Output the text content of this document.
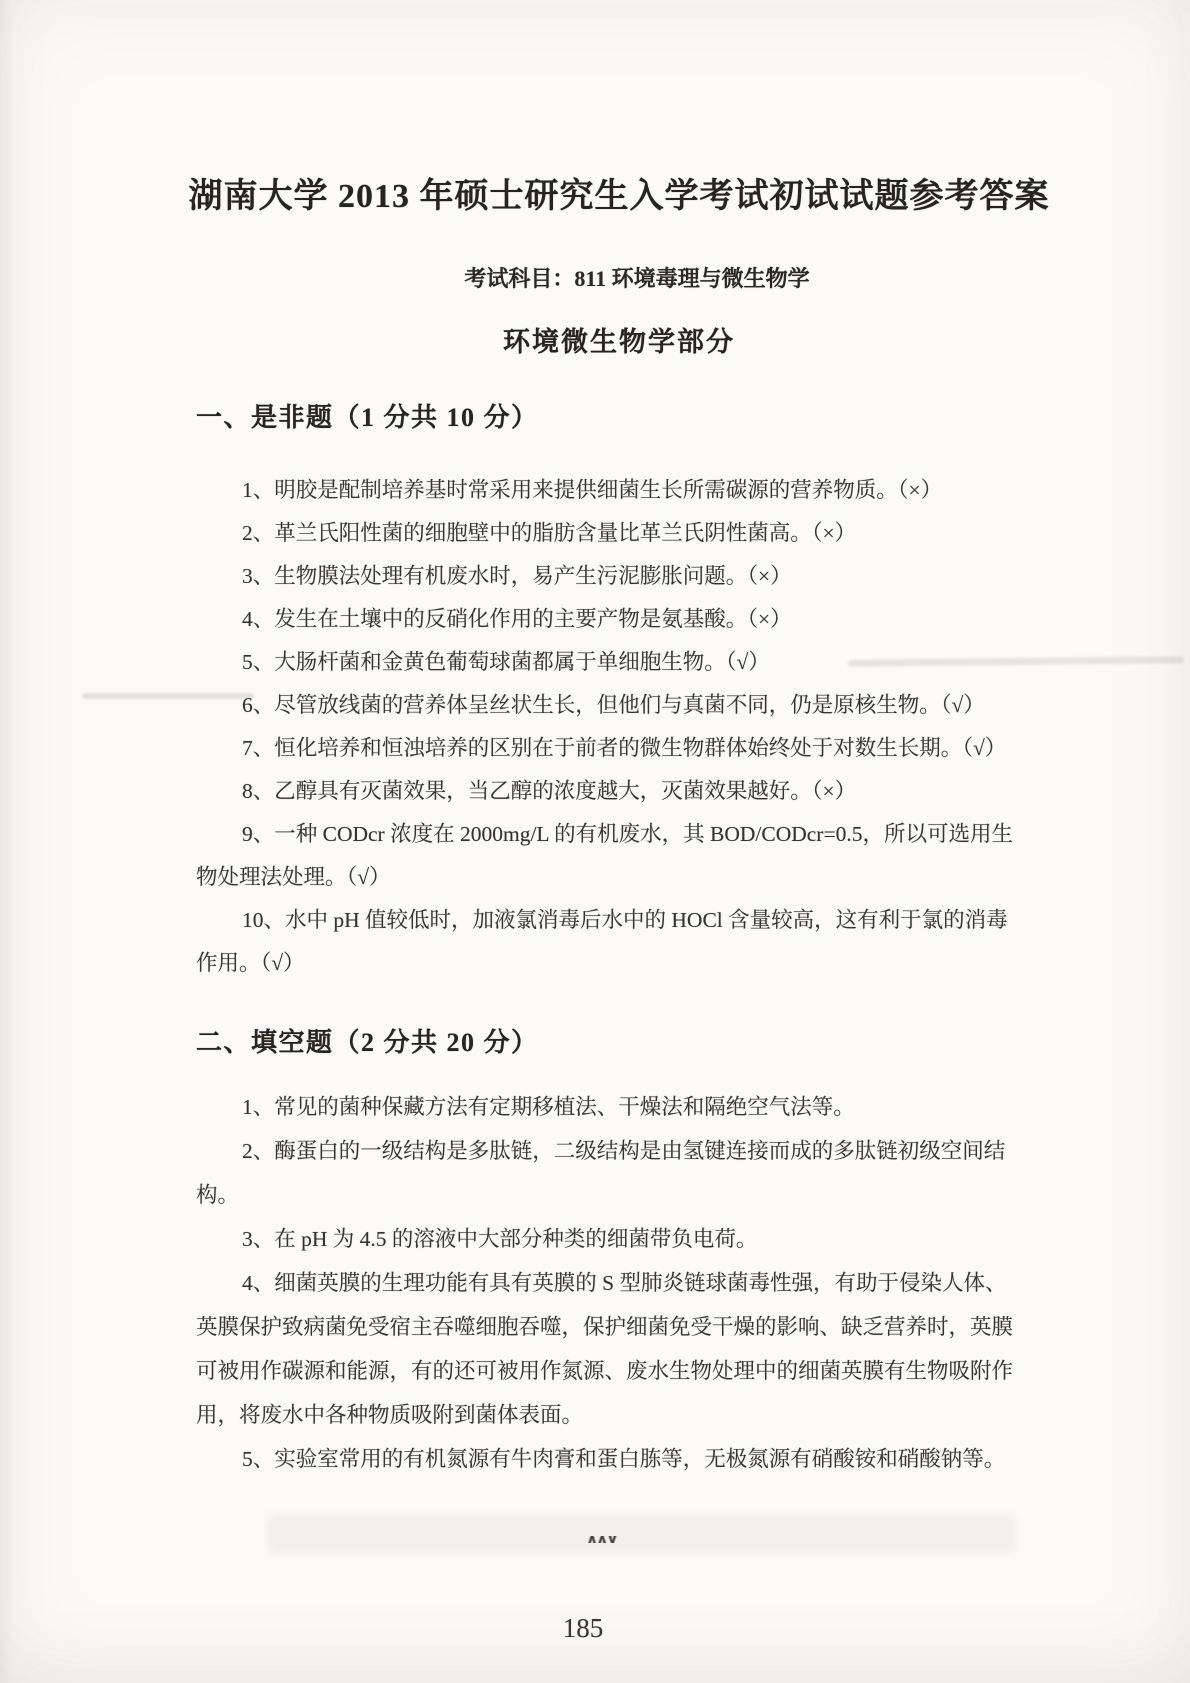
湖南大学 2013 年硕士研究生入学考试初试试题参考答案
考试科目：811 环境毒理与微生物学
环境微生物学部分
一、是非题（1 分共 10 分）
1、明胶是配制培养基时常采用来提供细菌生长所需碳源的营养物质。（×）
2、革兰氏阳性菌的细胞壁中的脂肪含量比革兰氏阴性菌高。（×）
3、生物膜法处理有机废水时，易产生污泥膨胀问题。（×）
4、发生在土壤中的反硝化作用的主要产物是氨基酸。（×）
5、大肠杆菌和金黄色葡萄球菌都属于单细胞生物。（√）
6、尽管放线菌的营养体呈丝状生长，但他们与真菌不同，仍是原核生物。（√）
7、恒化培养和恒浊培养的区别在于前者的微生物群体始终处于对数生长期。（√）
8、乙醇具有灭菌效果，当乙醇的浓度越大，灭菌效果越好。（×）
9、一种 CODcr 浓度在 2000mg/L 的有机废水，其 BOD/CODcr=0.5，所以可选用生
物处理法处理。（√）
10、水中 pH 值较低时，加液氯消毒后水中的 HOCl 含量较高，这有利于氯的消毒
作用。（√）
二、填空题（2 分共 20 分）
1、常见的菌种保藏方法有定期移植法、干燥法和隔绝空气法等。
2、酶蛋白的一级结构是多肽链，二级结构是由氢键连接而成的多肽链初级空间结
构。
3、在 pH 为 4.5 的溶液中大部分种类的细菌带负电荷。
4、细菌英膜的生理功能有具有英膜的 S 型肺炎链球菌毒性强，有助于侵染人体、
英膜保护致病菌免受宿主吞噬细胞吞噬，保护细菌免受干燥的影响、缺乏营养时，英膜
可被用作碳源和能源，有的还可被用作氮源、废水生物处理中的细菌英膜有生物吸附作
用，将废水中各种物质吸附到菌体表面。
5、实验室常用的有机氮源有牛肉膏和蛋白胨等，无极氮源有硝酸铵和硝酸钠等。
∧∧∨
185
